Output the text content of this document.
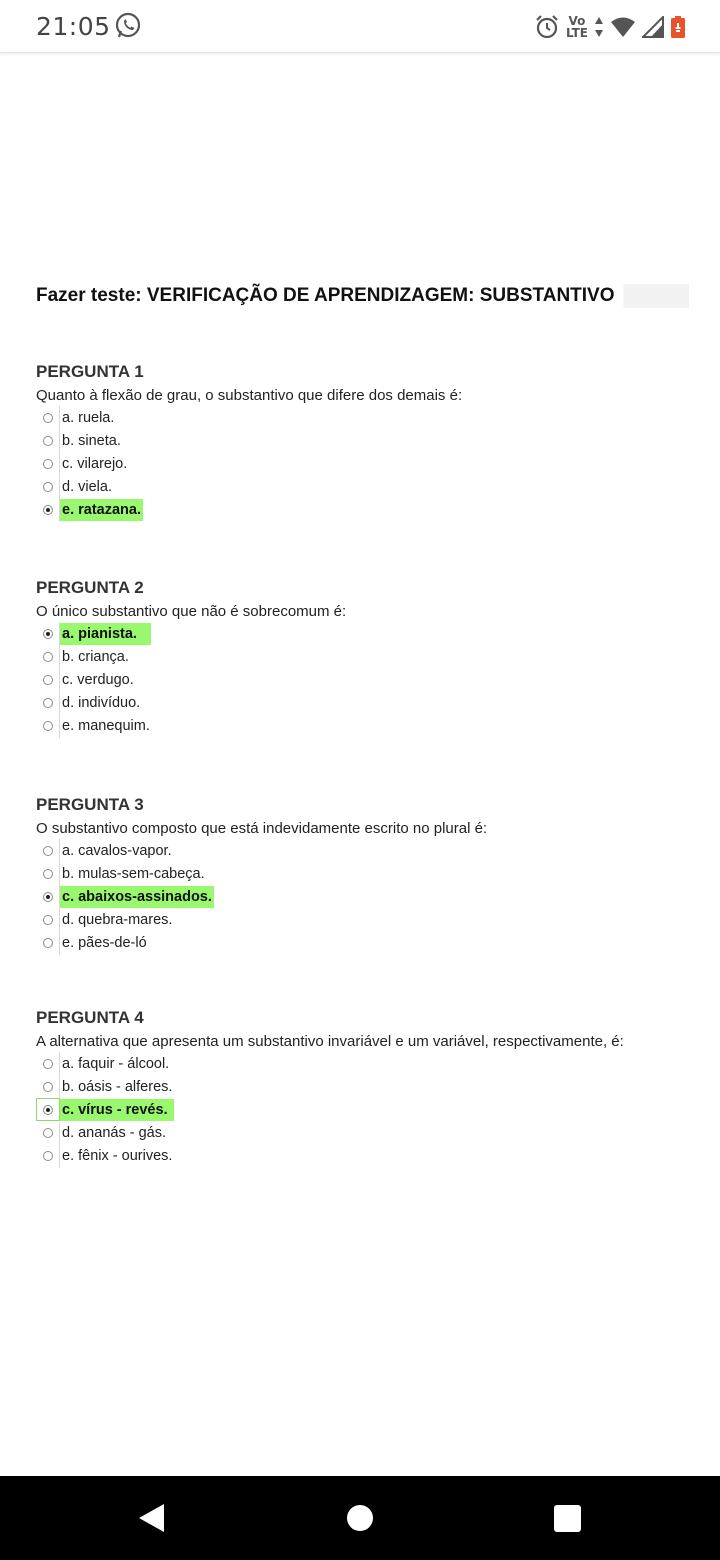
21:05	Vo
LTE
Fazer teste: VERIFICAÇÃO DE APRENDIZAGEM: SUBSTANTIVO
PERGUNTA 1
Quanto à flexão de grau, o substantivo que difere dos demais é:
a. ruela.
b. sineta.
c. vilarejo.
d. viela.
e. ratazana.
PERGUNTA 2
O único substantivo que não é sobrecomum é:
a. pianista.
b. criança.
c. verdugo.
d. indivíduo.
e. manequim.
PERGUNTA 3
O substantivo composto que está indevidamente escrito no plural é:
a. cavalos-vapor.
b. mulas-sem-cabeça.
c. abaixos-assinados.
d. quebra-mares.
e. pães-de-ló
PERGUNTA 4
A alternativa que apresenta um substantivo invariável e um variável, respectivamente, é:
a. faquir - álcool.
b. oásis - alferes.
c. vírus - revés.
d. ananás - gás.
e. fênix - ourives.
